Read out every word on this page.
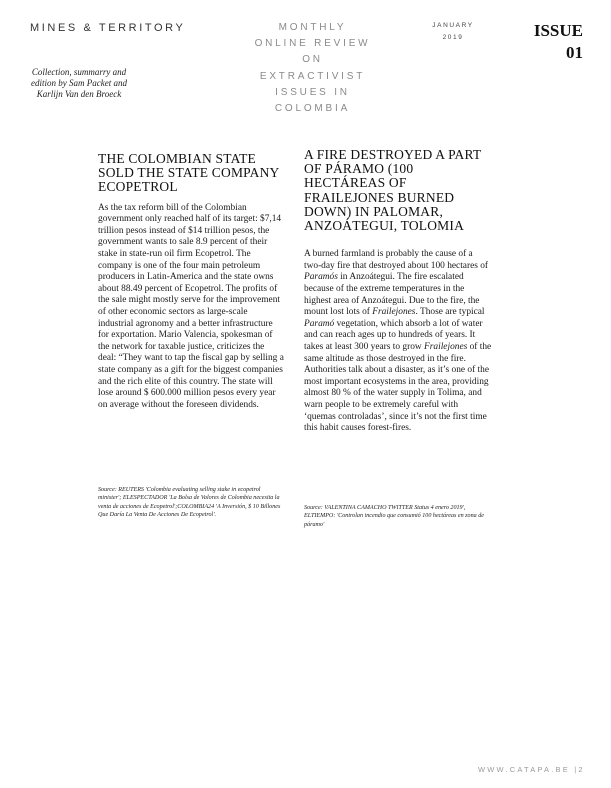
MINES & TERRITORY	MONTHLY
ONLINE REVIEW
ON
EXTRACTIVIST
ISSUES IN
COLOMBIA
JANUARY
2019	ISSUE
01
Collection, summarry and edition by Sam Packet and Karlijn Van den Broeck
THE COLOMBIAN STATE SOLD THE STATE COMPANY ECOPETROL

As the tax reform bill of the Colombian government only reached half of its target: $7,14 trillion pesos instead of $14 trillion pesos, the government wants to sale 8.9 percent of their stake in state-run oil firm Ecopetrol. The company is one of the four main petroleum producers in Latin-America and the state owns about 88.49 percent of Ecopetrol. The profits of the sale might mostly serve for the improvement of other economic sectors as large-scale industrial agronomy and a better infrastructure for exportation. Mario Valencia, spokesman of the network for taxable justice, criticizes the deal: “They want to tap the fiscal gap by selling a state company as a gift for the biggest companies and the rich elite of this country. The state will lose around $ 600.000 million pesos every year on average without the foreseen dividends.

Source: REUTERS 'Colombia evaluating selling stake in ecopetrol minister'; ELESPECTADOR 'La Bolsa de Valores de Colombia necesita la venta de acciones de Ecopetrol';COLOMBIA24 'A Inversión, $ 10 Billones Que Daría La Venta De Acciones De Ecopetrol'.
A FIRE DESTROYED A PART OF PÁRAMO (100 HECTÁREAS OF FRAILEJONES BURNED DOWN) IN PALOMAR, ANZOÁTEGUI, TOLOMIA

A burned farmland is probably the cause of a two-day fire that destroyed about 100 hectares of Paramós in Anzoátegui. The fire escalated because of the extreme temperatures in the highest area of Anzoátegui. Due to the fire, the mount lost lots of Frailejones. Those are typical Paramó vegetation, which absorb a lot of water and can reach ages up to hundreds of years. It takes at least 300 years to grow Frailejones of the same altitude as those destroyed in the fire. Authorities talk about a disaster, as it’s one of the most important ecosystems in the area, providing almost 80 % of the water supply in Tolima, and warn people to be extremely careful with ‘quemas controladas’, since it’s not the first time this habit causes forest-fires.

Source: VALENTINA CAMACHO TWITTER Status 4 enero 2019', ELTIEMPO: 'Controlan incendio que consumió 100 hectáreas en zona de páramo'
WWW.CATAPA.BE |2
